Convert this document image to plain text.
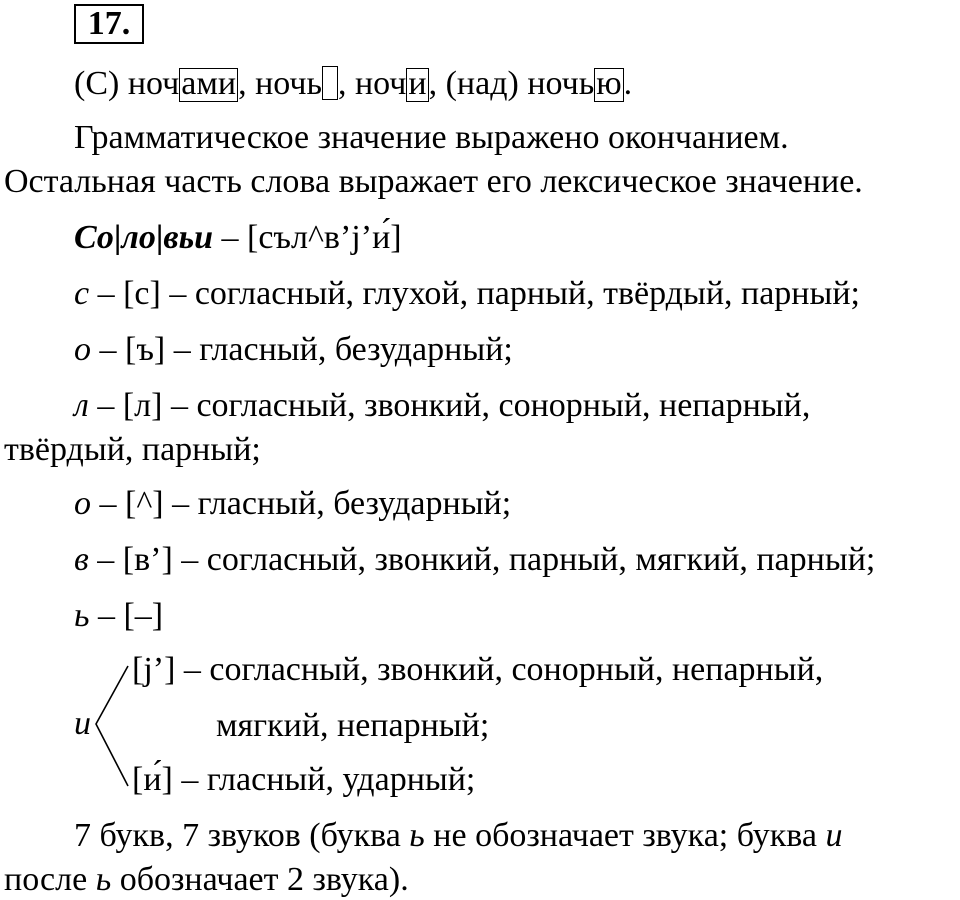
17.
(С) ночами, ночь , ночи, (над) ночью.
Грамматическое значение выражено окончанием.
Остальная часть слова выражает его лексическое значение.
Со|ло|вьи – [съл^в’j’и́]
с – [с] – согласный, глухой, парный, твёрдый, парный;
о – [ъ] – гласный, безударный;
л – [л] – согласный, звонкий, сонорный, непарный,
твёрдый, парный;
о – [^] – гласный, безударный;
в – [в’] – согласный, звонкий, парный, мягкий, парный;
ь – [–]
и
[j’] – согласный, звонкий, сонорный, непарный,
мягкий, непарный;
[и́] – гласный, ударный;
7 букв, 7 звуков (буква ь не обозначает звука; буква и
после ь обозначает 2 звука).
